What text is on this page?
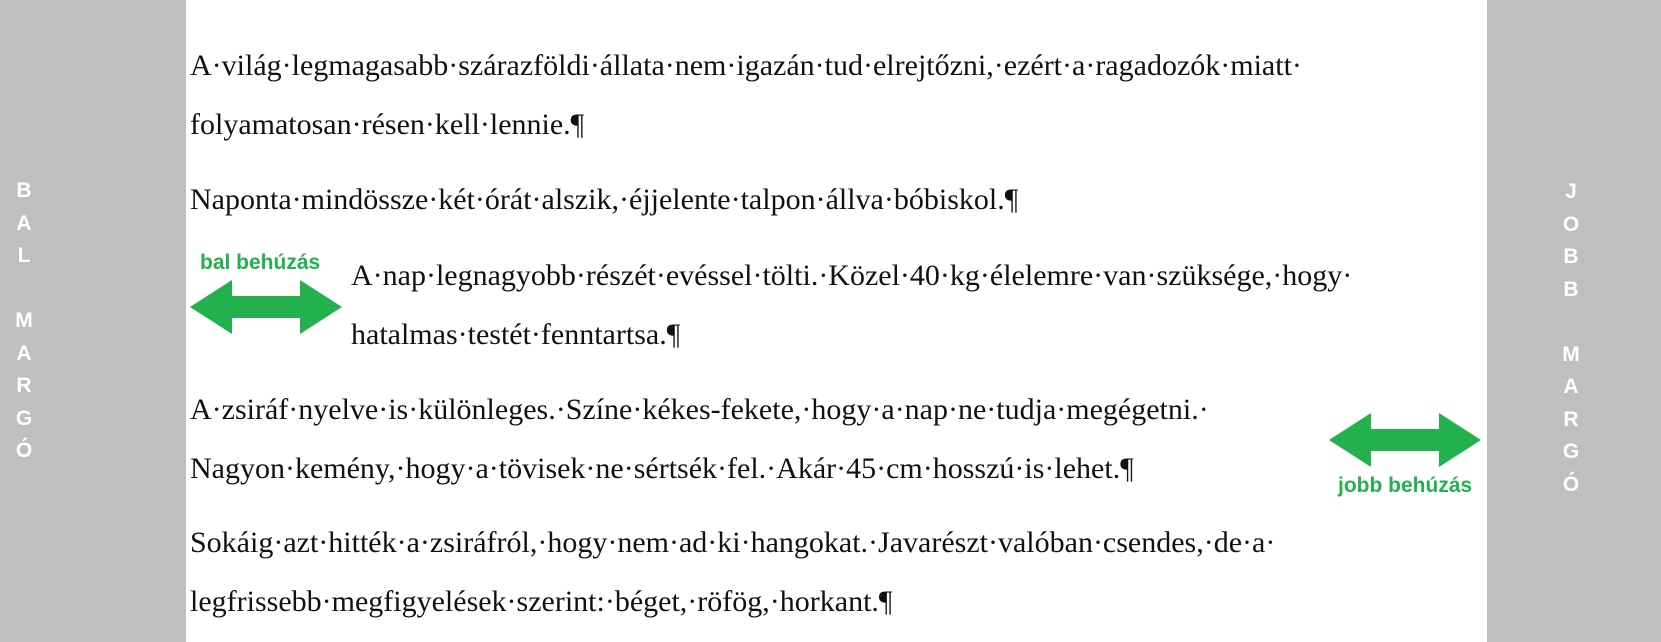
B
A
L
M
A
R
G
Ó
J
O
B
B
M
A
R
G
Ó

A·világ·legmagasabb·szárazföldi·állata·nem·igazán·tud·elrejtőzni,·ezért·a·ragadozók·miatt·
folyamatosan·résen·kell·lennie.¶

Naponta·mindössze·két·órát·alszik,·éjjelente·talpon·állva·bóbiskol.¶

A·nap·legnagyobb·részét·evéssel·tölti.·Közel·40·kg·élelemre·van·szüksége,·hogy·
hatalmas·testét·fenntartsa.¶

A·zsiráf·nyelve·is·különleges.·Színe·kékes-fekete,·hogy·a·nap·ne·tudja·megégetni.·
Nagyon·kemény,·hogy·a·tövisek·ne·sértsék·fel.·Akár·45·cm·hosszú·is·lehet.¶

Sokáig·azt·hitték·a·zsiráfról,·hogy·nem·ad·ki·hangokat.·Javarészt·valóban·csendes,·de·a·
legfrissebb·megfigyelések·szerint:·béget,·röfög,·horkant.¶

bal behúzás
jobb behúzás
